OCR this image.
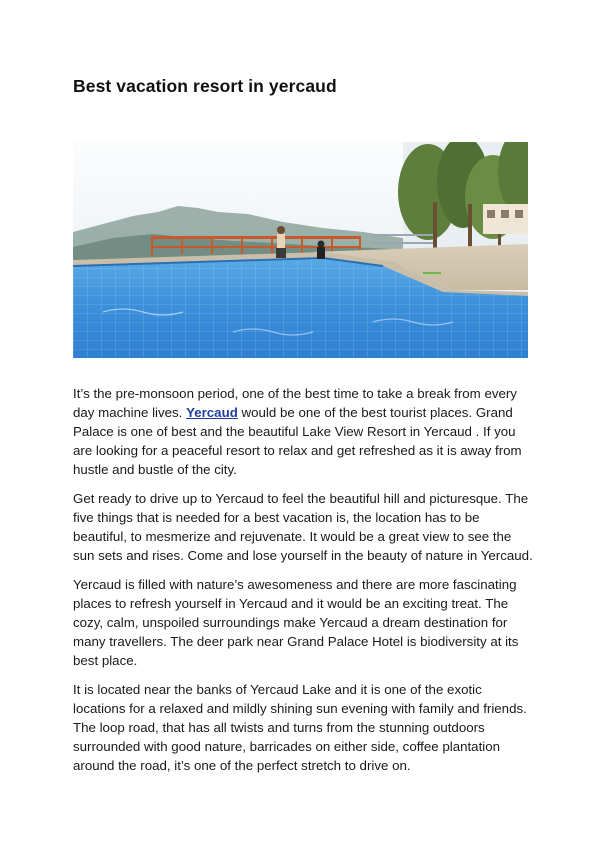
Best vacation resort in yercaud

It’s the pre-monsoon period, one of the best time to take a break from every day machine lives. Yercaud would be one of the best tourist places. Grand Palace is one of best and the beautiful Lake View Resort in Yercaud . If you are looking for a peaceful resort to relax and get refreshed as it is away from hustle and bustle of the city.

Get ready to drive up to Yercaud to feel the beautiful hill and picturesque. The five things that is needed for a best vacation is, the location has to be beautiful, to mesmerize and rejuvenate. It would be a great view to see the sun sets and rises. Come and lose yourself in the beauty of nature in Yercaud.

Yercaud is filled with nature’s awesomeness and there are more fascinating places to refresh yourself in Yercaud and it would be an exciting treat. The cozy, calm, unspoiled surroundings make Yercaud a dream destination for many travellers. The deer park near Grand Palace Hotel is biodiversity at its best place.

It is located near the banks of Yercaud Lake and it is one of the exotic locations for a relaxed and mildly shining sun evening with family and friends. The loop road, that has all twists and turns from the stunning outdoors surrounded with good nature, barricades on either side, coffee plantation around the road, it’s one of the perfect stretch to drive on.
